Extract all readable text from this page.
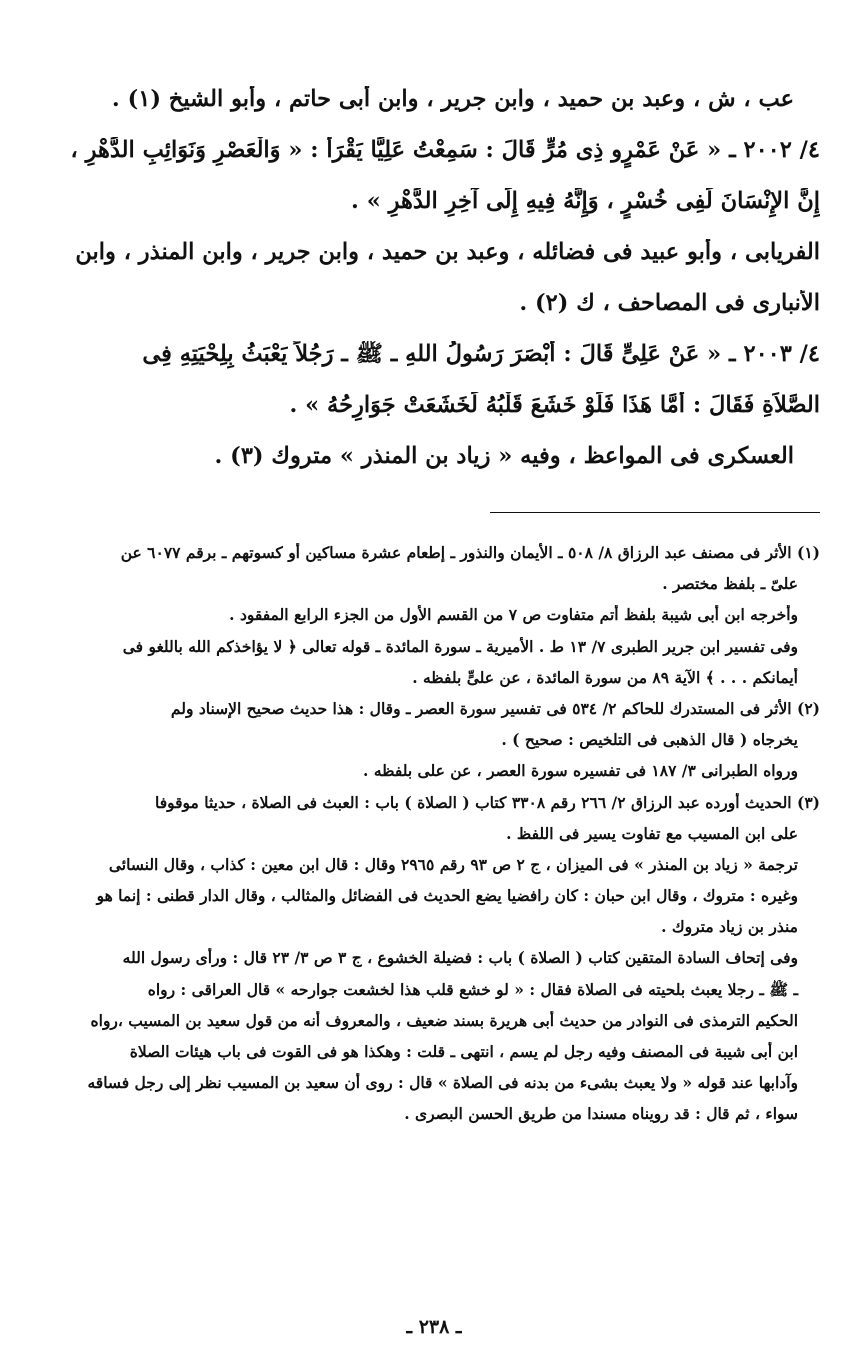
عب ، ش ، وعبد بن حميد ، وابن جرير ، وابن أبى حاتم ، وأبو الشيخ (١) .
٤/ ٢٠٠٢ ـ « عَنْ عَمْرٍو ذِى مُرٍّ قَالَ : سَمِعْتُ عَلِيًّا يَقْرَأُ : « وَالْعَصْرِ وَنَوَائِبِ الدَّهْرِ ،
إِنَّ الإِنْسَانَ لَفِى خُسْرٍ ، وَإِنَّهُ فِيهِ إِلَى آخِرِ الدَّهْرِ » .
الفريابى ، وأبو عبيد فى فضائله ، وعبد بن حميد ، وابن جرير ، وابن المنذر ، وابن
الأنبارى فى المصاحف ، ك (٢) .
٤/ ٢٠٠٣ ـ « عَنْ عَلِىٍّ قَالَ : أَبْصَرَ رَسُولُ اللهِ ـ ﷺ ـ رَجُلاً يَعْبَثُ بِلِحْيَتِهِ فِى
الصَّلاَةِ فَقَالَ : أَمَّا هَذَا فَلَوْ خَشَعَ قَلْبُهُ لَخَشَعَتْ جَوَارِحُهُ » .
العسكرى فى المواعظ ، وفيه « زياد بن المنذر » متروك (٣) .
(١) الأثر فى مصنف عبد الرزاق ٨/ ٥٠٨ ـ الأيمان والنذور ـ إطعام عشرة مساكين أو كسوتهم ـ برقم ٦٠٧٧ عن
علىّ ـ بلفظ مختصر .
وأخرجه ابن أبى شيبة بلفظ أتم متفاوت ص ٧ من القسم الأول من الجزء الرابع المفقود .
وفى تفسير ابن جرير الطبرى ٧/ ١٣ ط . الأميرية ـ سورة المائدة ـ قوله تعالى ﴿ لا يؤاخذكم الله باللغو فى
أيمانكم . . . ﴾ الآية ٨٩ من سورة المائدة ، عن علىٍّ بلفظه .
(٢) الأثر فى المستدرك للحاكم ٢/ ٥٣٤ فى تفسير سورة العصر ـ وقال : هذا حديث صحيح الإسناد ولم
يخرجاه ( قال الذهبى فى التلخيص : صحيح ) .
ورواه الطبرانى ٣/ ١٨٧ فى تفسيره سورة العصر ، عن على بلفظه .
(٣) الحديث أورده عبد الرزاق ٢/ ٢٦٦ رقم ٣٣٠٨ كتاب ( الصلاة ) باب : العبث فى الصلاة ، حديثا موقوفا
على ابن المسيب مع تفاوت يسير فى اللفظ .
ترجمة « زياد بن المنذر » فى الميزان ، ج ٢ ص ٩٣ رقم ٢٩٦٥ وقال : قال ابن معين : كذاب ، وقال النسائى
وغيره : متروك ، وقال ابن حبان : كان رافضيا يضع الحديث فى الفضائل والمثالب ، وقال الدار قطنى : إنما هو
منذر بن زياد متروك .
وفى إتحاف السادة المتقين كتاب ( الصلاة ) باب : فضيلة الخشوع ، ج ٣ ص ٣/ ٢٣ قال : ورأى رسول الله
ـ ﷺ ـ رجلا يعبث بلحيته فى الصلاة فقال : « لو خشع قلب هذا لخشعت جوارحه » قال العراقى : رواه
الحكيم الترمذى فى النوادر من حديث أبى هريرة بسند ضعيف ، والمعروف أنه من قول سعيد بن المسيب ،رواه
ابن أبى شيبة فى المصنف وفيه رجل لم يسم ، انتهى ـ قلت : وهكذا هو فى القوت فى باب هيئات الصلاة
وآدابها عند قوله « ولا يعبث بشىء من بدنه فى الصلاة » قال : روى أن سعيد بن المسيب نظر إلى رجل فساقه
سواء ، ثم قال : قد رويناه مسندا من طريق الحسن البصرى .
ـ ٢٣٨ ـ
